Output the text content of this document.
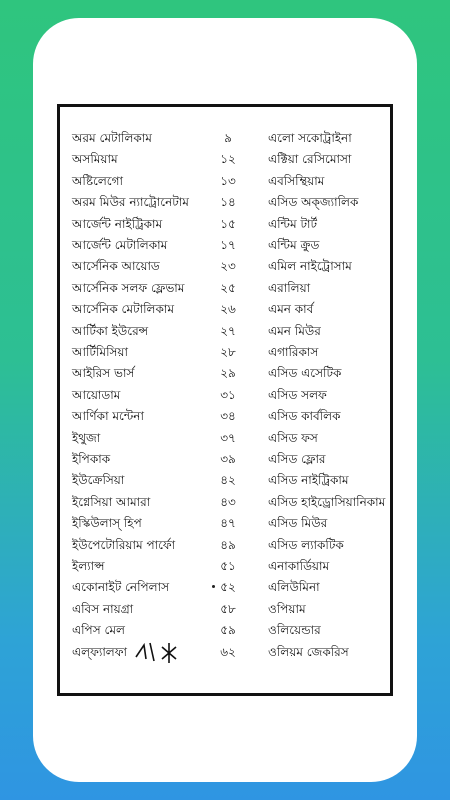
অরম মেটালিকাম	৯	এলো সকোট্রাইনা
অসমিয়াম	১২	এক্টিয়া রেসিমোসা
অষ্টিলেগো	১৩	এবসিম্থিয়াম
অরম মিউর ন্যাট্রোনেটাম	১৪	এসিড অক্জ্যালিক
আর্জেন্ট নাইট্রিকাম	১৫	এন্টিম টার্ট
আর্জেন্ট মেটালিকাম	১৭	এন্টিম ক্রুড
আর্সেনিক আয়োড	২৩	এমিল নাইট্রোসাম
আর্সেনিক সলফ ফ্লেভাম	২৫	এরালিয়া
আর্সেনিক মেটালিকাম	২৬	এমন কার্ব
আর্টিকা ইউরেন্স	২৭	এমন মিউর
আর্টিমিসিয়া	২৮	এগারিকাস
আইরিস ভার্স	২৯	এসিড এসেটিক
আয়োডাম	৩১	এসিড সলফ
আর্ণিকা মন্টেনা	৩৪	এসিড কার্বলিক
ইথুজা	৩৭	এসিড ফস
ইপিকাক	৩৯	এসিড ফ্লোর
ইউক্রেসিয়া	৪২	এসিড নাইট্রিকাম
ইগ্নেসিয়া আমারা	৪৩	এসিড হাইড্রোসিয়ানিকাম
ইস্কিউলাস্ হিপ	৪৭	এসিড মিউর
ইউপেটোরিয়াম পার্ফো	৪৯	এসিড ল্যাকটিক
ইল্যাপ্স	৫১	এনাকার্ডিয়াম
একোনাইট নেপিলাস	৫২	এলিউমিনা
এবিস নায়গ্রা	৫৮	ওপিয়াম
এপিস মেল	৫৯	ওলিয়েন্ডার
এল্‌ফ্যালফা	৬২	ওলিয়ম জেকরিস
